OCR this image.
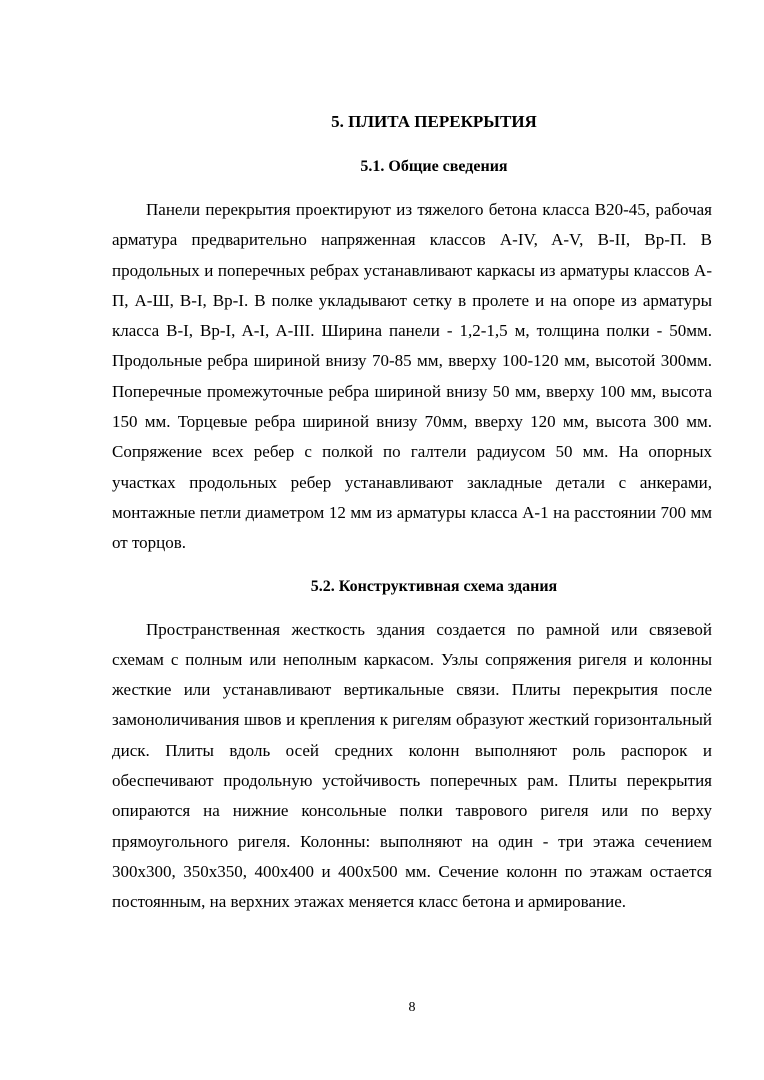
5. ПЛИТА ПЕРЕКРЫТИЯ
5.1. Общие сведения

Панели перекрытия проектируют из тяжелого бетона класса В20-45, рабочая арматура предварительно напряженная классов A-IV, A-V, B-II, Вр-П. В продольных и поперечных ребрах устанавливают каркасы из арматуры классов А-П, А-Ш, B-I, Bp-I. В полке укладывают сетку в пролете и на опоре из арматуры класса B-I, Bp-I, A-I, A-III. Ширина панели - 1,2-1,5 м, толщина полки - 50мм. Продольные ребра шириной внизу 70-85 мм, вверху 100-120 мм, высотой 300мм. Поперечные промежуточные ребра шириной внизу 50 мм, вверху 100 мм, высота 150 мм. Торцевые ребра шириной внизу 70мм, вверху 120 мм, высота 300 мм. Сопряжение всех ребер с полкой по галтели радиусом 50 мм. На опорных участках продольных ребер устанавливают закладные детали с анкерами, монтажные петли диаметром 12 мм из арматуры класса А-1 на расстоянии 700 мм от торцов.

5.2. Конструктивная схема здания

Пространственная жесткость здания создается по рамной или связевой схемам с полным или неполным каркасом. Узлы сопряжения ригеля и колонны жесткие или устанавливают вертикальные связи. Плиты перекрытия после замоноличивания швов и крепления к ригелям образуют жесткий горизонтальный диск. Плиты вдоль осей средних колонн выполняют роль распорок и обеспечивают продольную устойчивость поперечных рам. Плиты перекрытия опираются на нижние консольные полки таврового ригеля или по верху прямоугольного ригеля. Колонны: выполняют на один - три этажа сечением 300x300, 350x350, 400x400 и 400x500 мм. Сечение колонн по этажам остается постоянным, на верхних этажах меняется класс бетона и армирование.

8
